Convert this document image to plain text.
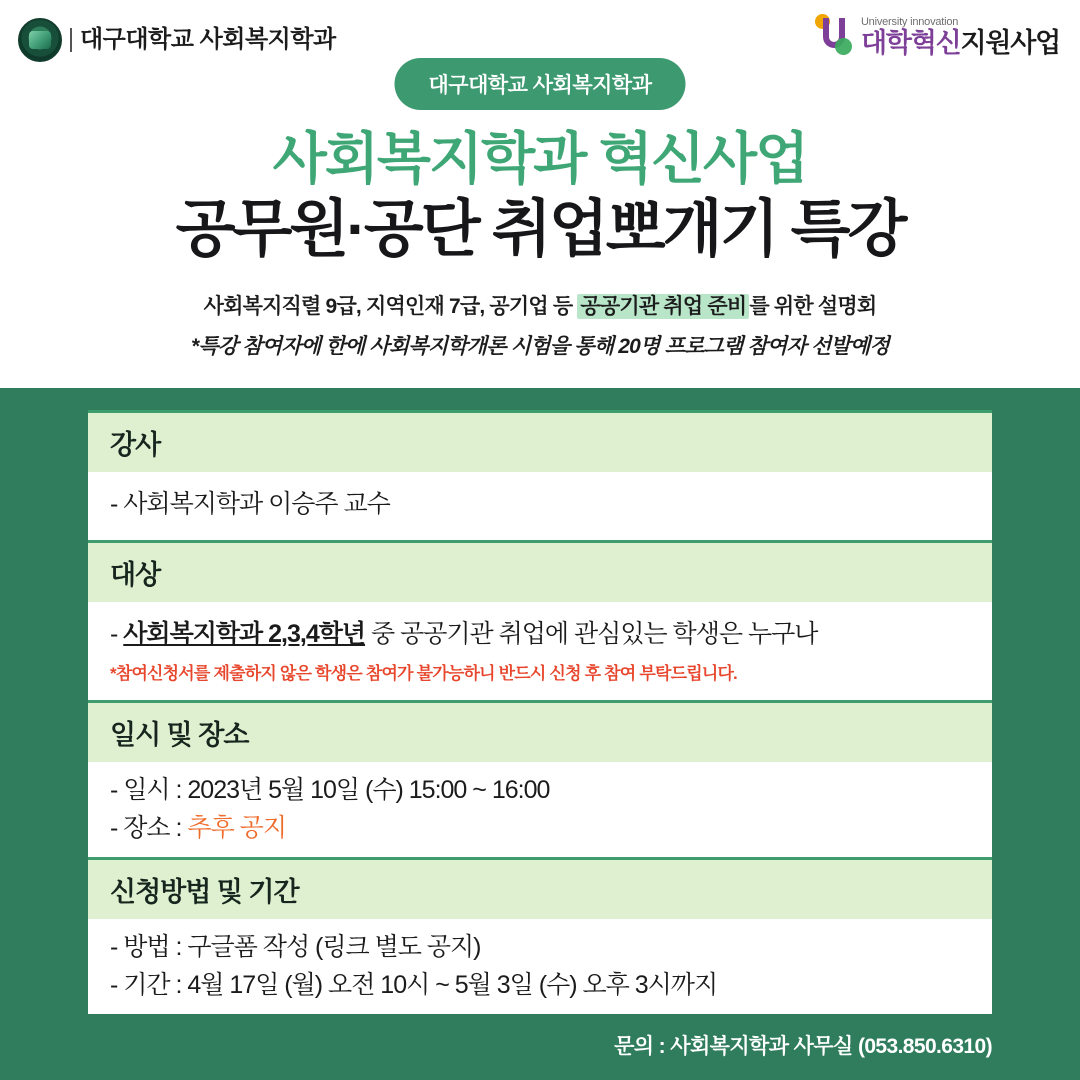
대구대학교 사회복지학과
University innovation
대학혁신지원사업
대구대학교 사회복지학과
사회복지학과 혁신사업
공무원·공단 취업뽀개기 특강
사회복지직렬 9급, 지역인재 7급, 공기업 등 공공기관 취업 준비 를 위한 설명회
*특강 참여자에 한에 사회복지학개론 시험을 통해 20명 프로그램 참여자 선발예정
강사
- 사회복지학과 이승주 교수
대상
- 사회복지학과 2,3,4학년 중 공공기관 취업에 관심있는 학생은 누구나
*참여신청서를 제출하지 않은 학생은 참여가 불가능하니 반드시 신청 후 참여 부탁드립니다.
일시 및 장소
- 일시 : 2023년 5월 10일 (수) 15:00 ~ 16:00
- 장소 : 추후 공지
신청방법 및 기간
- 방법 : 구글폼 작성 (링크 별도 공지)
- 기간 : 4월 17일 (월) 오전 10시 ~ 5월 3일 (수) 오후 3시까지
문의 : 사회복지학과 사무실 (053.850.6310)
